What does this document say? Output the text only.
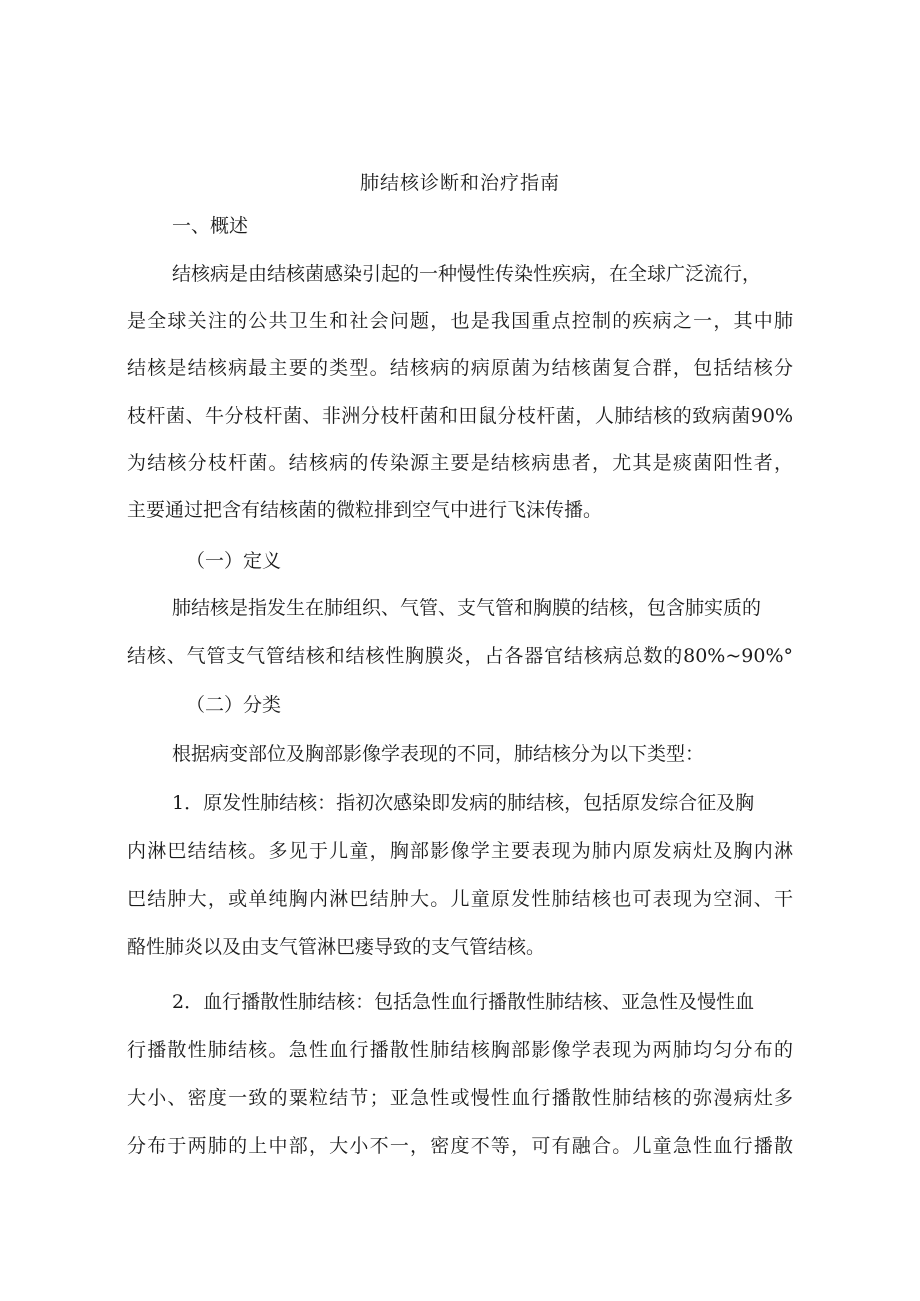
肺结核诊断和治疗指南
一、概述
结核病是由结核菌感染引起的一种慢性传染性疾病，在全球广泛流行，
是全球关注的公共卫生和社会问题，也是我国重点控制的疾病之一，其中肺
结核是结核病最主要的类型。结核病的病原菌为结核菌复合群，包括结核分
枝杆菌、牛分枝杆菌、非洲分枝杆菌和田鼠分枝杆菌，人肺结核的致病菌90%
为结核分枝杆菌。结核病的传染源主要是结核病患者，尤其是痰菌阳性者，
主要通过把含有结核菌的微粒排到空气中进行飞沫传播。
（一）定义
肺结核是指发生在肺组织、气管、支气管和胸膜的结核，包含肺实质的
结核、气管支气管结核和结核性胸膜炎，占各器官结核病总数的80%~90%°
（二）分类
根据病变部位及胸部影像学表现的不同，肺结核分为以下类型：
1．原发性肺结核：指初次感染即发病的肺结核，包括原发综合征及胸
内淋巴结结核。多见于儿童，胸部影像学主要表现为肺内原发病灶及胸内淋
巴结肿大，或单纯胸内淋巴结肿大。儿童原发性肺结核也可表现为空洞、干
酪性肺炎以及由支气管淋巴瘘导致的支气管结核。
2．血行播散性肺结核：包括急性血行播散性肺结核、亚急性及慢性血
行播散性肺结核。急性血行播散性肺结核胸部影像学表现为两肺均匀分布的
大小、密度一致的粟粒结节；亚急性或慢性血行播散性肺结核的弥漫病灶多
分布于两肺的上中部，大小不一，密度不等，可有融合。儿童急性血行播散
